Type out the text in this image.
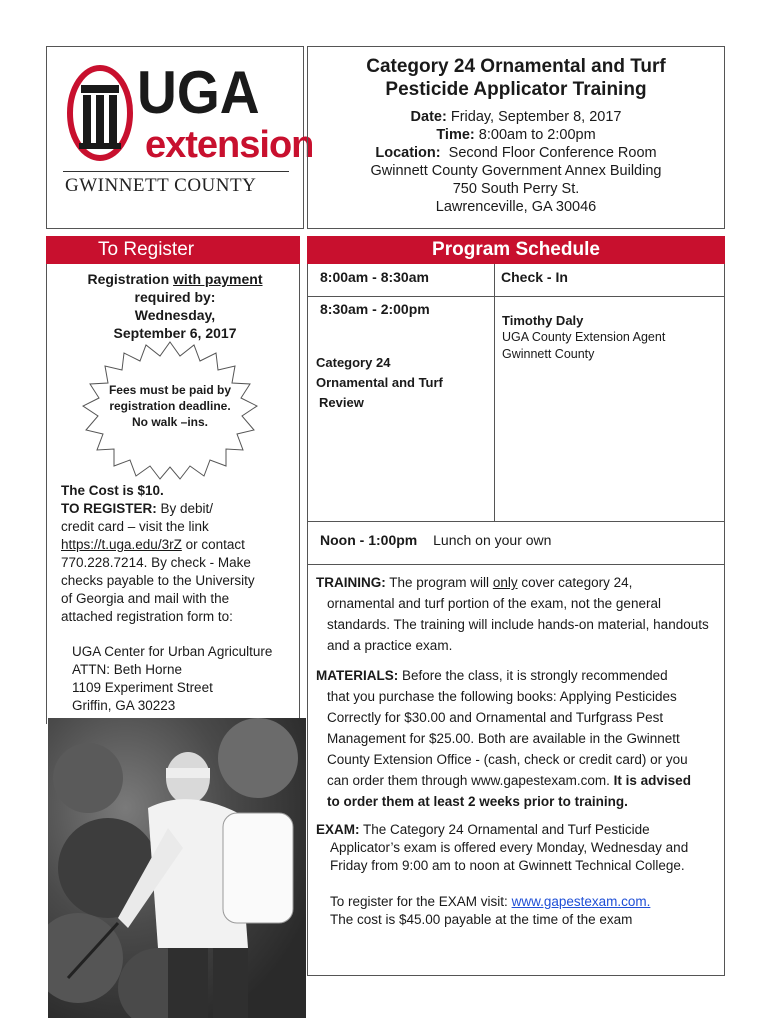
UGA
extension
GWINNETT COUNTY
Category 24 Ornamental and Turf
Pesticide Applicator Training
Date: Friday, September 8, 2017
Time: 8:00am to 2:00pm
Location: Second Floor Conference Room
Gwinnett County Government Annex Building
750 South Perry St.
Lawrenceville, GA 30046
To Register
Registration with payment
required by:
Wednesday,
September 6, 2017
Fees must be paid by
registration deadline.
No walk –ins.
The Cost is $10.
TO REGISTER: By debit/
credit card – visit the link
https://t.uga.edu/3rZ or contact
770.228.7214. By check - Make
checks payable to the University
of Georgia and mail with the
attached registration form to:
UGA Center for Urban Agriculture
ATTN: Beth Horne
1109 Experiment Street
Griffin, GA 30223
Program Schedule
8:00am - 8:30am	Check - In
8:30am - 2:00pm
Category 24
Ornamental and Turf
Review
Timothy Daly
UGA County Extension Agent
Gwinnett County
Noon - 1:00pm Lunch on your own
TRAINING: The program will only cover category 24,
ornamental and turf portion of the exam, not the general
standards. The training will include hands-on material, handouts
and a practice exam.
MATERIALS: Before the class, it is strongly recommended
that you purchase the following books: Applying Pesticides
Correctly for $30.00 and Ornamental and Turfgrass Pest
Management for $25.00. Both are available in the Gwinnett
County Extension Office - (cash, check or credit card) or you
can order them through www.gapestexam.com. It is advised
to order them at least 2 weeks prior to training.
EXAM: The Category 24 Ornamental and Turf Pesticide
Applicator’s exam is offered every Monday, Wednesday and
Friday from 9:00 am to noon at Gwinnett Technical College.
To register for the EXAM visit: www.gapestexam.com.
The cost is $45.00 payable at the time of the exam
